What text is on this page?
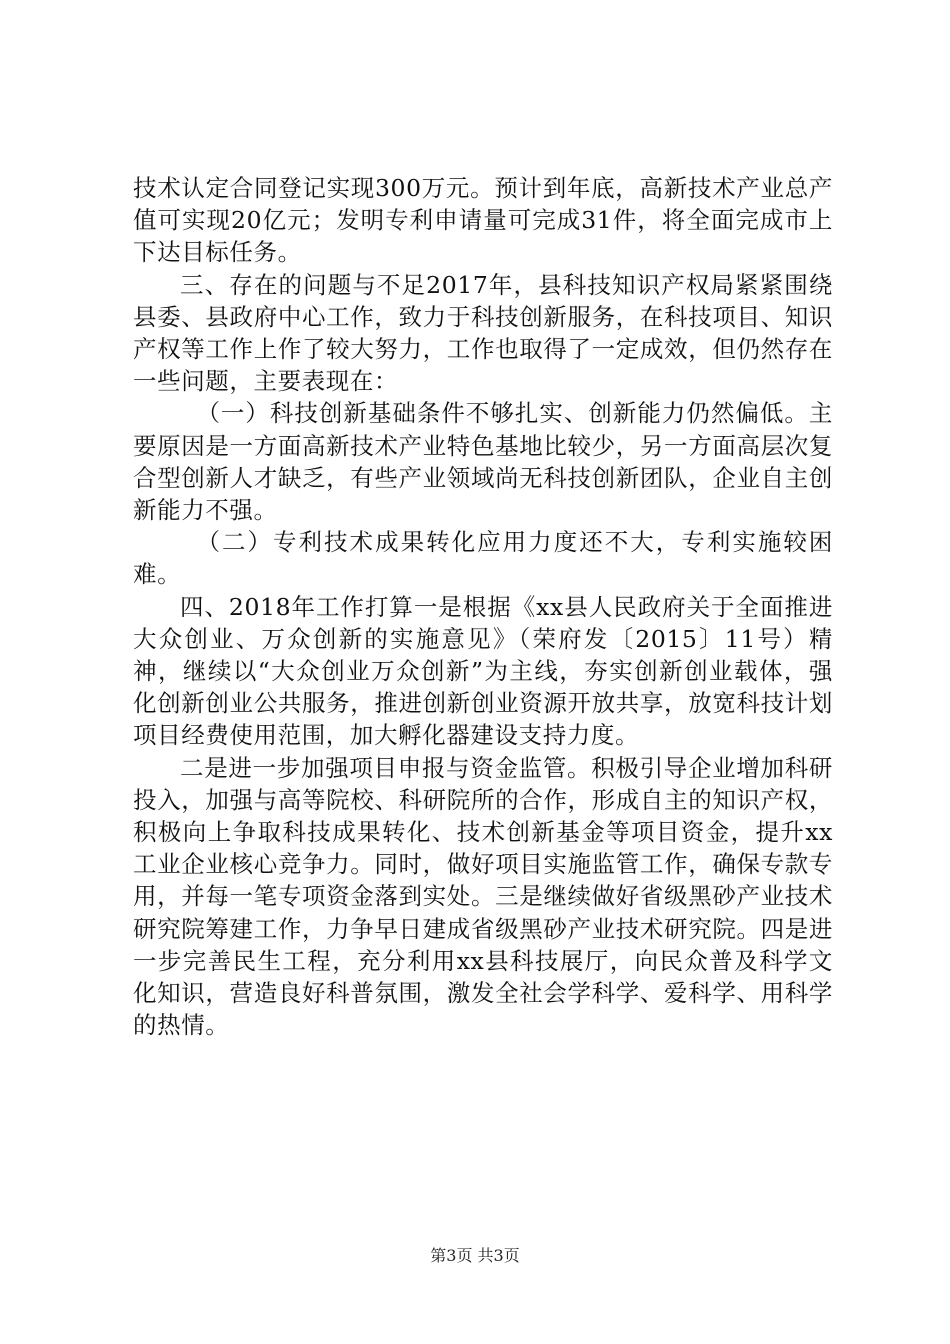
技术认定合同登记实现300万元。预计到年底，高新技术产业总产值可实现20亿元；发明专利申请量可完成31件，将全面完成市上下达目标任务。

三、存在的问题与不足2017年，县科技知识产权局紧紧围绕县委、县政府中心工作，致力于科技创新服务，在科技项目、知识产权等工作上作了较大努力，工作也取得了一定成效，但仍然存在一些问题，主要表现在：

（一）科技创新基础条件不够扎实、创新能力仍然偏低。主要原因是一方面高新技术产业特色基地比较少，另一方面高层次复合型创新人才缺乏，有些产业领域尚无科技创新团队，企业自主创新能力不强。

（二）专利技术成果转化应用力度还不大，专利实施较困难。

四、2018年工作打算一是根据《xx县人民政府关于全面推进大众创业、万众创新的实施意见》（荣府发〔2015〕11号）精神，继续以“大众创业万众创新”为主线，夯实创新创业载体，强化创新创业公共服务，推进创新创业资源开放共享，放宽科技计划项目经费使用范围，加大孵化器建设支持力度。

二是进一步加强项目申报与资金监管。积极引导企业增加科研投入，加强与高等院校、科研院所的合作，形成自主的知识产权，积极向上争取科技成果转化、技术创新基金等项目资金，提升xx工业企业核心竞争力。同时，做好项目实施监管工作，确保专款专用，并每一笔专项资金落到实处。三是继续做好省级黑砂产业技术研究院筹建工作，力争早日建成省级黑砂产业技术研究院。四是进一步完善民生工程，充分利用xx县科技展厅，向民众普及科学文化知识，营造良好科普氛围，激发全社会学科学、爱科学、用科学的热情。

第3页 共3页
